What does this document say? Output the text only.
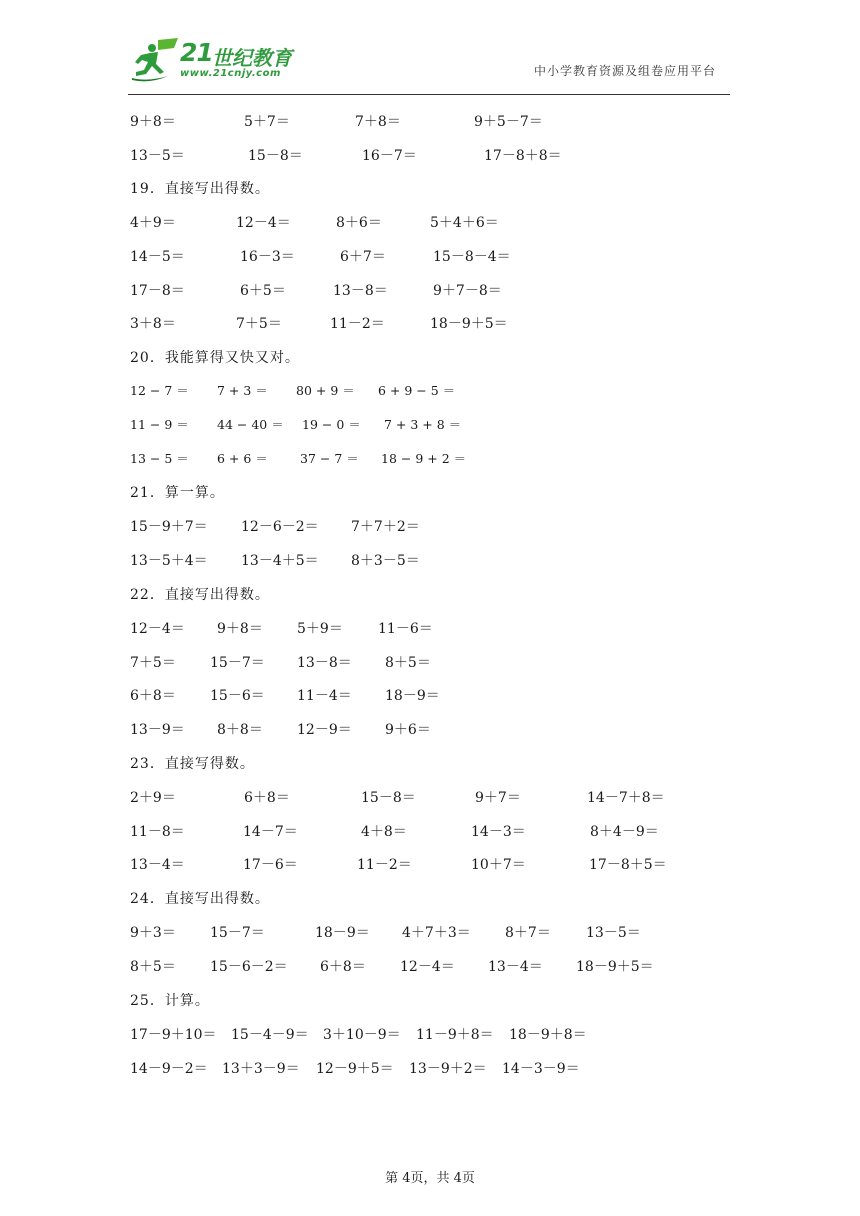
21 世纪教育
www.21cnjy.com	中小学教育资源及组卷应用平台
9＋8＝	5＋7＝	7＋8＝	9＋5－7＝
13－5＝	15－8＝	16－7＝	17－8＋8＝
19．直接写出得数。
4＋9＝	12－4＝	8＋6＝	5＋4＋6＝
14－5＝	16－3＝	6＋7＝	15－8－4＝
17－8＝	6＋5＝	13－8＝	9＋7－8＝
3＋8＝	7＋5＝	11－2＝	18－9＋5＝
20．我能算得又快又对。
12 − 7 ＝ 7 + 3 ＝ 80 + 9 ＝ 6 + 9 − 5 ＝
11 − 9 ＝ 44 − 40 ＝ 19 − 0 ＝ 7 + 3 + 8 ＝
13 − 5 ＝ 6 + 6 ＝	37 − 7 ＝ 18 − 9 + 2 ＝
21．算一算。
15－9＋7＝ 12－6－2＝ 7＋7＋2＝
13－5＋4＝ 13－4＋5＝ 8＋3－5＝
22．直接写出得数。
12－4＝ 9＋8＝ 5＋9＝	11－6＝
7＋5＝ 15－7＝ 13－8＝ 8＋5＝
6＋8＝ 15－6＝ 11－4＝ 18－9＝
13－9＝ 8＋8＝ 12－9＝ 9＋6＝
23．直接写得数。
2＋9＝	6＋8＝	15－8＝	9＋7＝	14－7＋8＝
11－8＝	14－7＝	4＋8＝	14－3＝	8＋4－9＝
13－4＝	17－6＝	11－2＝	10＋7＝	17－8＋5＝
24．直接写出得数。
9＋3＝ 15－7＝	18－9＝ 4＋7＋3＝ 8＋7＝	13－5＝
8＋5＝ 15－6－2＝ 6＋8＝ 12－4＝ 13－4＝ 18－9＋5＝
25．计算。
17－9＋10＝ 15－4－9＝ 3＋10－9＝ 11－9＋8＝ 18－9＋8＝
14－9－2＝ 13＋3－9＝ 12－9＋5＝ 13－9＋2＝ 14－3－9＝
第 4页，共 4页
